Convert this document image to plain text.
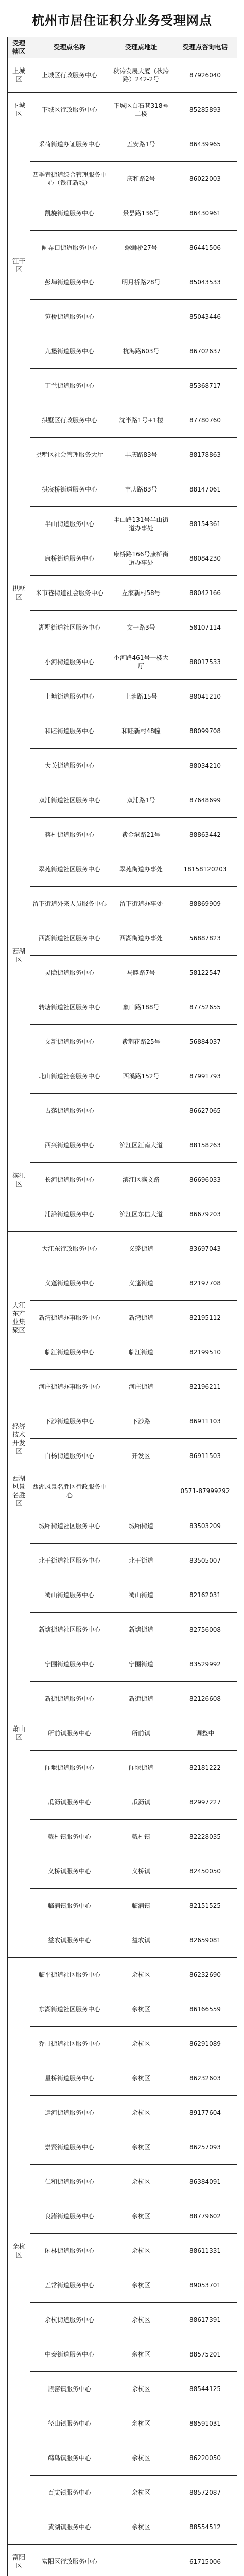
杭州市居住证积分业务受理网点
受理辖区	受理点名称	受理点地址	受理点咨询电话
上城区	上城区行政服务中心	秋涛发展大厦（秋涛路）242-2号	87926040
下城区	下城区行政服务中心	下城区白石巷318号二楼	85285893
江干区	采荷街道办证服务中心	五安路1号	86439965
	四季青街道综合管理服务中心（钱江新城）	庆和路2号	86022003
	凯旋街道服务中心	景昙路136号	86430961
	闸弄口街道服务中心	螺蛳桥27号	86441506
	彭埠街道服务中心	明月桥路28号	85043533
	笕桥街道服务中心		85043446
	九堡街道服务中心	杭海路603号	86702637
	丁兰街道服务中心		85368717
拱墅区	拱墅区行政服务中心	沈半路1号+1楼	87780760
	拱墅区社会管理服务大厅	丰庆路83号	88178863
	拱宸桥街道服务中心	丰庆路83号	88147061
	半山街道服务中心	半山路131号半山街道办事处	88154361
	康桥街道服务中心	康桥路166号康桥街道办事处	88084230
	米市巷街道社会服务中心	左家新村58号	88042166
	湖墅街道社区服务中心	文一路3号	58107114
	小河街道服务中心	小河路461号一楼大厅	88017533
	上塘街道服务中心	上塘路15号	88041210
	和睦街道服务中心	和睦新村48幢	88099708
	大关街道服务中心		88034210
西湖区	双浦街道社区服务中心	双浦路1号	87648699
	蒋村街道服务中心	紫金港路21号	88863442
	翠苑街道社区服务中心	翠苑街道办事处	18158120203
	留下街道外来人员服务中心	留下街道办事处	88869909
	西湖街道社区服务中心	西湖街道办事处	56887823
	灵隐街道服务中心	马塍路7号	58122547
	转塘街道社区服务中心	象山路188号	87752655
	文新街道服务中心	紫荆花路25号	56884037
	北山街道社会服务中心	西溪路152号	87991793
	古荡街道服务中心		86627065
滨江区	西兴街道服务中心	滨江区江南大道	88158263
	长河街道服务中心	滨江区滨文路	86696033
	浦沿街道服务中心	滨江区东信大道	86679203
大江东产业集聚区	大江东行政服务中心	义蓬街道	83697043
	义蓬街道服务中心	义蓬街道	82197708
	新湾街道办事服务中心	新湾街道	82195112
	临江街道服务中心	临江街道	82199510
	河庄街道办事服务中心	河庄街道	82196211
经济技术开发区	下沙街道服务中心	下沙路	86911103
	白杨街道服务中心	开发区	86911503
西湖风景名胜区	西湖风景名胜区行政服务中心		0571-87999292
萧山区	城厢街道社区服务中心	城厢街道	83503209
	北干街道社区服务中心	北干街道	83505007
	蜀山街道服务中心	蜀山街道	82162031
	新塘街道社区服务中心	新塘街道	82756008
	宁围街道服务中心	宁围街道	83529992
	新街街道服务中心	新街街道	82126608
	所前镇服务中心	所前镇	调整中
	闻堰街道服务中心	闻堰街道	82181222
	瓜沥镇服务中心	瓜沥镇	82997227
	戴村镇服务中心	戴村镇	82228035
	义桥镇服务中心	义桥镇	82450050
	临浦镇服务中心	临浦镇	82151525
	益农镇服务中心	益农镇	82659081
余杭区	临平街道社区服务中心	余杭区	86232690
	东湖街道社区服务中心	余杭区	86166559
	乔司街道社区服务中心	余杭区	86291089
	星桥街道服务中心	余杭区	86232603
	运河街道服务中心	余杭区	89177604
	崇贤街道服务中心	余杭区	86257093
	仁和街道服务中心	余杭区	86384091
	良渚街道服务中心	余杭区	88779602
	闲林街道服务中心	余杭区	88611331
	五常街道服务中心	余杭区	89053701
	余杭街道服务中心	余杭区	88617391
	中泰街道服务中心	余杭区	88575201
	瓶窑镇服务中心	余杭区	88544125
	径山镇服务中心	余杭区	88591031
	鸬鸟镇服务中心	余杭区	86220050
	百丈镇服务中心	余杭区	88572087
	黄湖镇服务中心	余杭区	88554512
富阳区	富阳区行政服务中心		61715006
